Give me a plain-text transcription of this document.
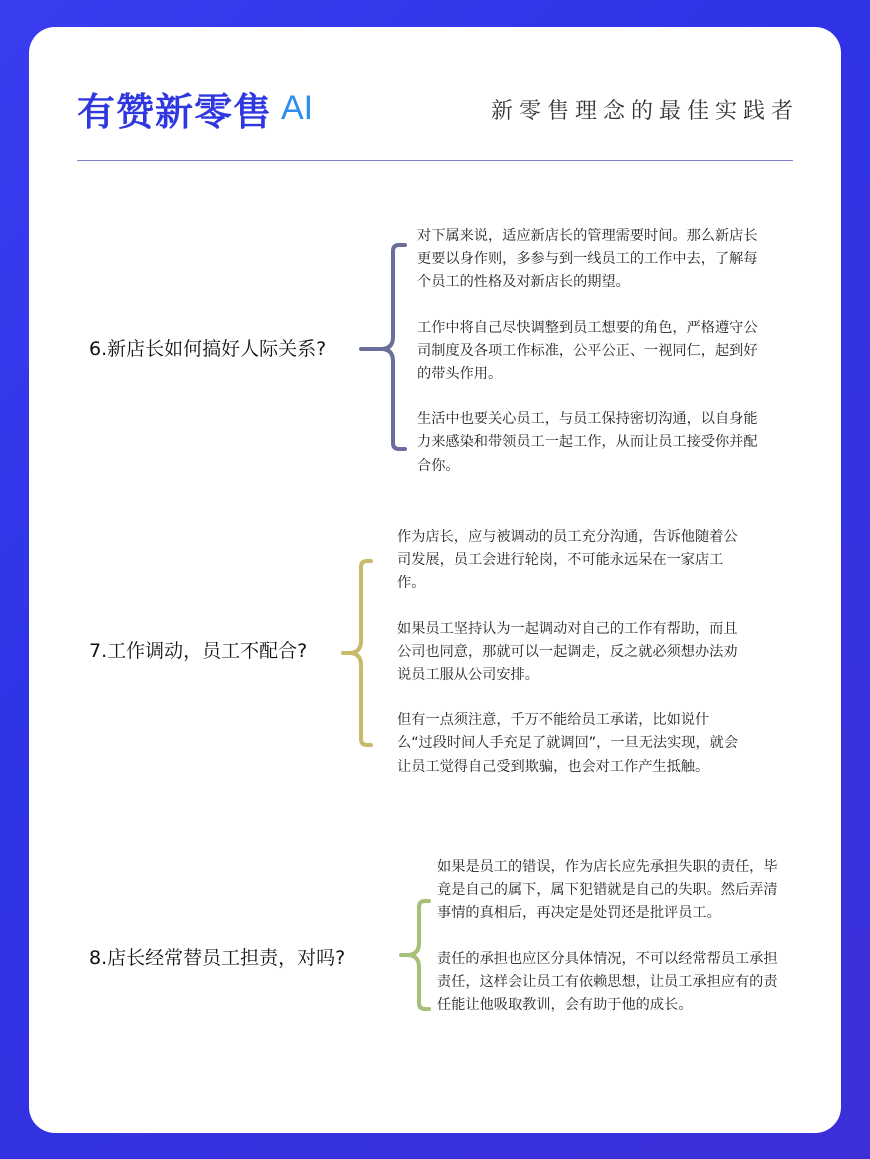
有赞新零售 AI	新零售理念的最佳实践者
6.新店长如何搞好人际关系?

对下属来说，适应新店长的管理需要时间。那么新店长更要以身作则，多参与到一线员工的工作中去，了解每个员工的性格及对新店长的期望。

工作中将自己尽快调整到员工想要的角色，严格遵守公司制度及各项工作标准，公平公正、一视同仁，起到好的带头作用。

生活中也要关心员工，与员工保持密切沟通，以自身能力来感染和带领员工一起工作，从而让员工接受你并配合你。

7.工作调动，员工不配合?

作为店长，应与被调动的员工充分沟通，告诉他随着公司发展，员工会进行轮岗，不可能永远呆在一家店工作。

如果员工坚持认为一起调动对自己的工作有帮助，而且公司也同意，那就可以一起调走，反之就必须想办法劝说员工服从公司安排。

但有一点须注意，千万不能给员工承诺，比如说什么“过段时间人手充足了就调回”，一旦无法实现，就会让员工觉得自己受到欺骗，也会对工作产生抵触。

8.店长经常替员工担责，对吗?

如果是员工的错误，作为店长应先承担失职的责任，毕竟是自己的属下，属下犯错就是自己的失职。然后弄清事情的真相后，再决定是处罚还是批评员工。

责任的承担也应区分具体情况，不可以经常帮员工承担责任，这样会让员工有依赖思想，让员工承担应有的责任能让他吸取教训，会有助于他的成长。
